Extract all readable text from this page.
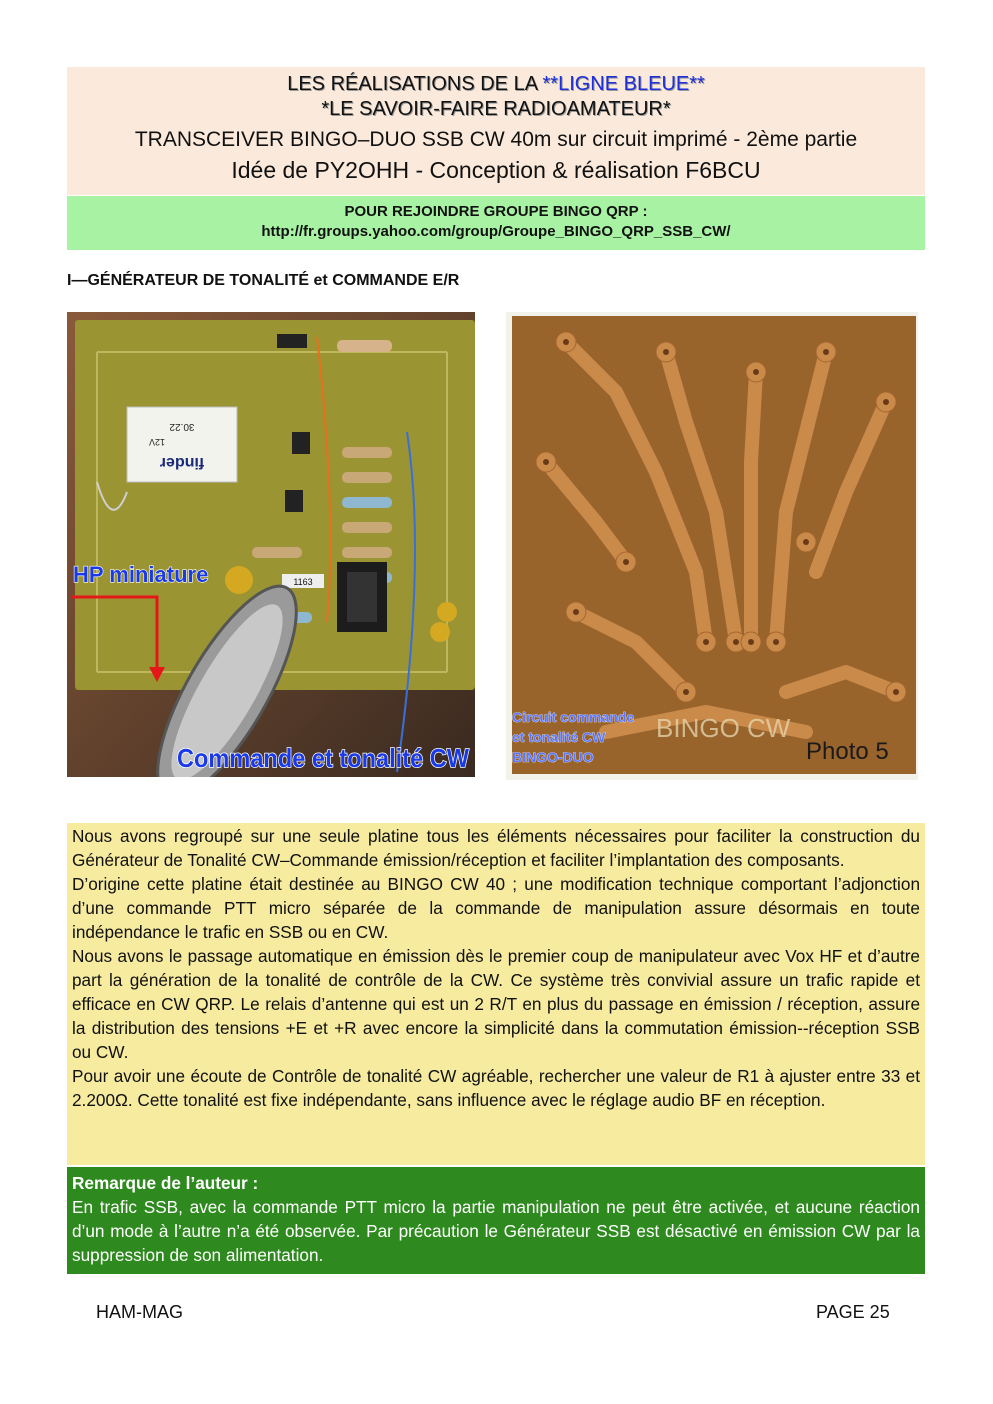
LES RÉALISATIONS DE LA **LIGNE BLEUE**
*LE SAVOIR-FAIRE RADIOAMATEUR*
TRANSCEIVER BINGO–DUO SSB CW 40m sur circuit imprimé - 2ème partie
Idée de PY2OHH - Conception & réalisation F6BCU
POUR REJOINDRE GROUPE BINGO QRP :
http://fr.groups.yahoo.com/group/Groupe_BINGO_QRP_SSB_CW/
I—GÉNÉRATEUR DE TONALITÉ et COMMANDE E/R
finder
30.22
12V
1163
HP miniature
Commande et tonalité CW
BINGO CW
Circuit commande
et tonalité CW
BINGO-DUO	Photo 5

Nous avons regroupé sur une seule platine tous les éléments nécessaires pour faciliter la construction du Générateur de Tonalité CW–Commande émission/réception et faciliter l’implantation des composants.

D’origine cette platine était destinée au BINGO CW 40 ; une modification technique comportant l’adjonction d’une commande PTT micro séparée de la commande de manipulation assure désormais en toute indépendance le trafic en SSB ou en CW.

Nous avons le passage automatique en émission dès le premier coup de manipulateur avec Vox HF et d’autre part la génération de la tonalité de contrôle de la CW. Ce système très convivial assure un trafic rapide et efficace en CW QRP. Le relais d’antenne qui est un 2 R/T en plus du passage en émission / réception, assure la distribution des tensions +E et +R avec encore la simplicité dans la commutation émission--réception SSB ou CW.

Pour avoir une écoute de Contrôle de tonalité CW agréable, rechercher une valeur de R1 à ajuster entre 33 et 2.200Ω. Cette tonalité est fixe indépendante, sans influence avec le réglage audio BF en réception.

Remarque de l’auteur :
En trafic SSB, avec la commande PTT micro la partie manipulation ne peut être activée, et aucune réaction d’un mode à l’autre n’a été observée. Par précaution le Générateur SSB est désactivé en émission CW par la suppression de son alimentation.
HAM-MAG	PAGE 25
